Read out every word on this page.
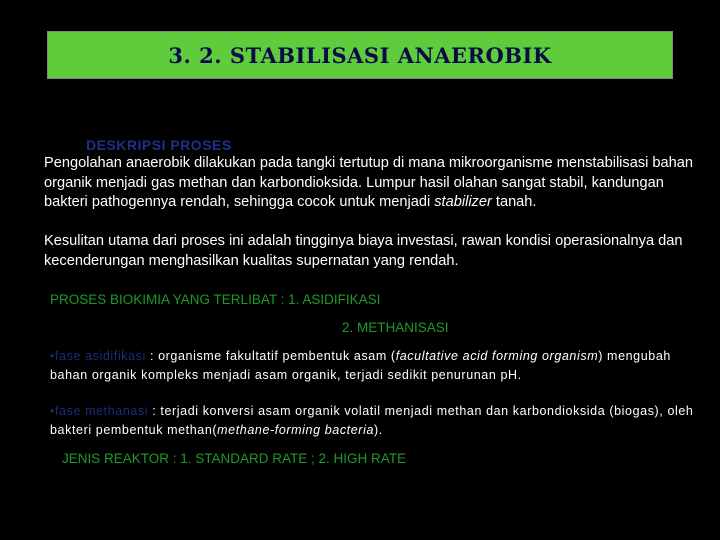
3. 2. STABILISASI ANAEROBIK
DESKRIPSI PROSES

Pengolahan anaerobik dilakukan pada tangki tertutup di mana mikroorganisme menstabilisasi bahan organik menjadi gas methan dan karbondioksida. Lumpur hasil olahan sangat stabil, kandungan bakteri pathogennya rendah, sehingga cocok untuk menjadi stabilizer tanah.

Kesulitan utama dari proses ini adalah tingginya biaya investasi, rawan kondisi operasionalnya dan kecenderungan menghasilkan kualitas supernatan yang rendah.

PROSES BIOKIMIA YANG TERLIBAT : 1. ASIDIFIKASI
2. METHANISASI

•fase asidifikasi : organisme fakultatif pembentuk asam (facultative acid forming organism) mengubah bahan organik kompleks menjadi asam organik, terjadi sedikit penurunan pH.

•fase methanasi : terjadi konversi asam organik volatil menjadi methan dan karbondioksida (biogas), oleh bakteri pembentuk methan(methane-forming bacteria).

JENIS REAKTOR : 1. STANDARD RATE ; 2. HIGH RATE
